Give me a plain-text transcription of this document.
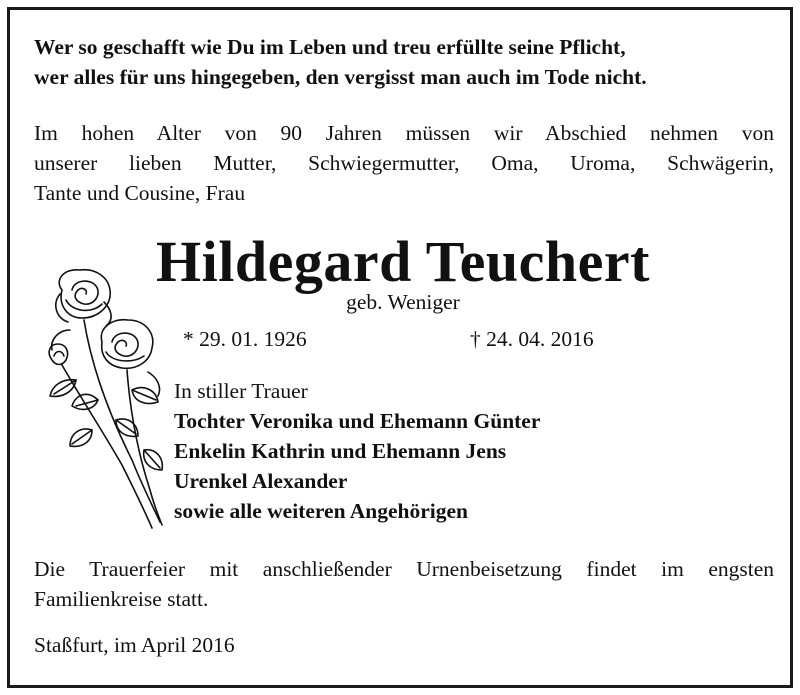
Wer so geschafft wie Du im Leben und treu erfüllte seine Pflicht,
wer alles für uns hingegeben, den vergisst man auch im Tode nicht.
Im hohen Alter von 90 Jahren müssen wir Abschied nehmen von
unserer lieben Mutter, Schwiegermutter, Oma, Uroma, Schwägerin,
Tante und Cousine, Frau
Hildegard Teuchert
geb. Weniger
* 29. 01. 1926	† 24. 04. 2016
In stiller Trauer
Tochter Veronika und Ehemann Günter
Enkelin Kathrin und Ehemann Jens
Urenkel Alexander
sowie alle weiteren Angehörigen
Die Trauerfeier mit anschließender Urnenbeisetzung findet im engsten
Familienkreise statt.
Staßfurt, im April 2016
